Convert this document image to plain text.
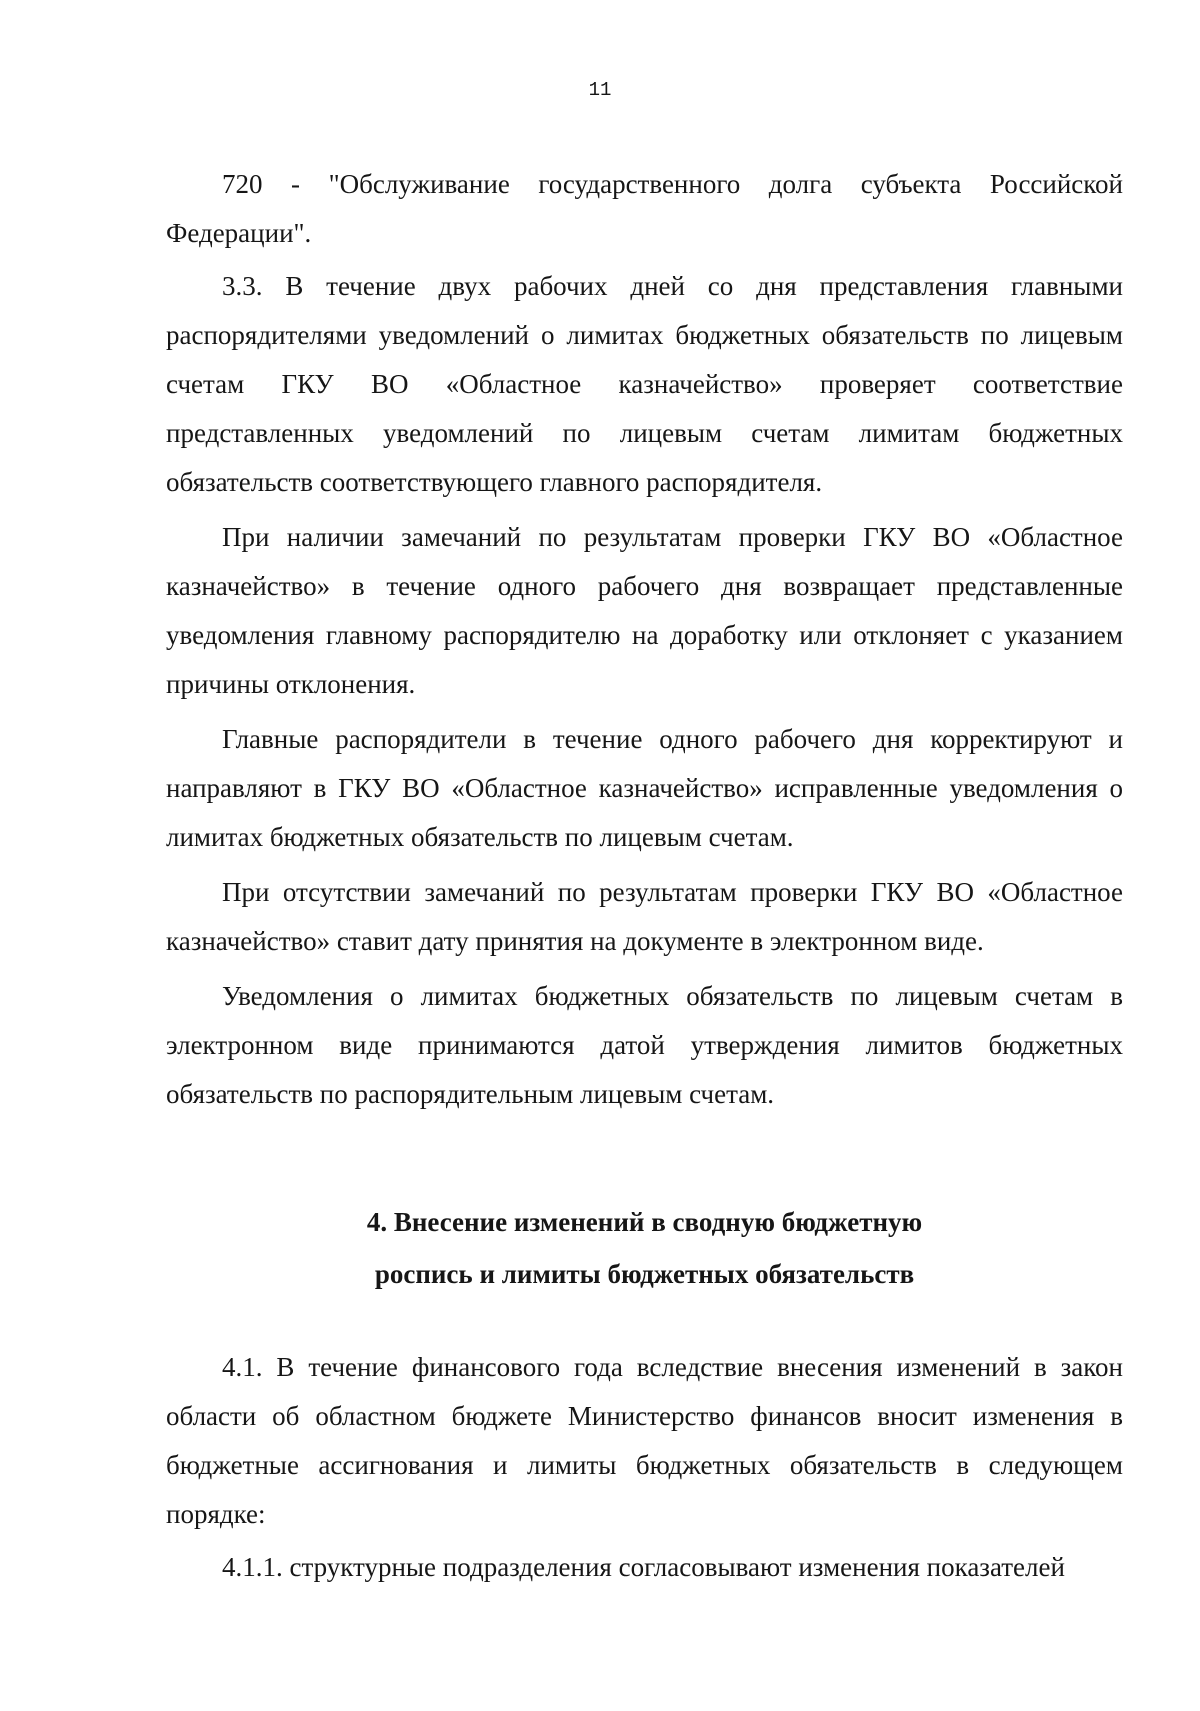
11

720 - "Обслуживание государственного долга субъекта Российской Федерации".

3.3. В течение двух рабочих дней со дня представления главными распорядителями уведомлений о лимитах бюджетных обязательств по лицевым счетам ГКУ ВО «Областное казначейство» проверяет соответствие представленных уведомлений по лицевым счетам лимитам бюджетных обязательств соответствующего главного распорядителя.

При наличии замечаний по результатам проверки ГКУ ВО «Областное казначейство» в течение одного рабочего дня возвращает представленные уведомления главному распорядителю на доработку или отклоняет с указанием причины отклонения.

Главные распорядители в течение одного рабочего дня корректируют и направляют в ГКУ ВО «Областное казначейство» исправленные уведомления о лимитах бюджетных обязательств по лицевым счетам.

При отсутствии замечаний по результатам проверки ГКУ ВО «Областное казначейство» ставит дату принятия на документе в электронном виде.

Уведомления о лимитах бюджетных обязательств по лицевым счетам в электронном виде принимаются датой утверждения лимитов бюджетных обязательств по распорядительным лицевым счетам.

4. Внесение изменений в сводную бюджетную
роспись и лимиты бюджетных обязательств

4.1. В течение финансового года вследствие внесения изменений в закон области об областном бюджете Министерство финансов вносит изменения в бюджетные ассигнования и лимиты бюджетных обязательств в следующем порядке:

4.1.1. структурные подразделения согласовывают изменения показателей
